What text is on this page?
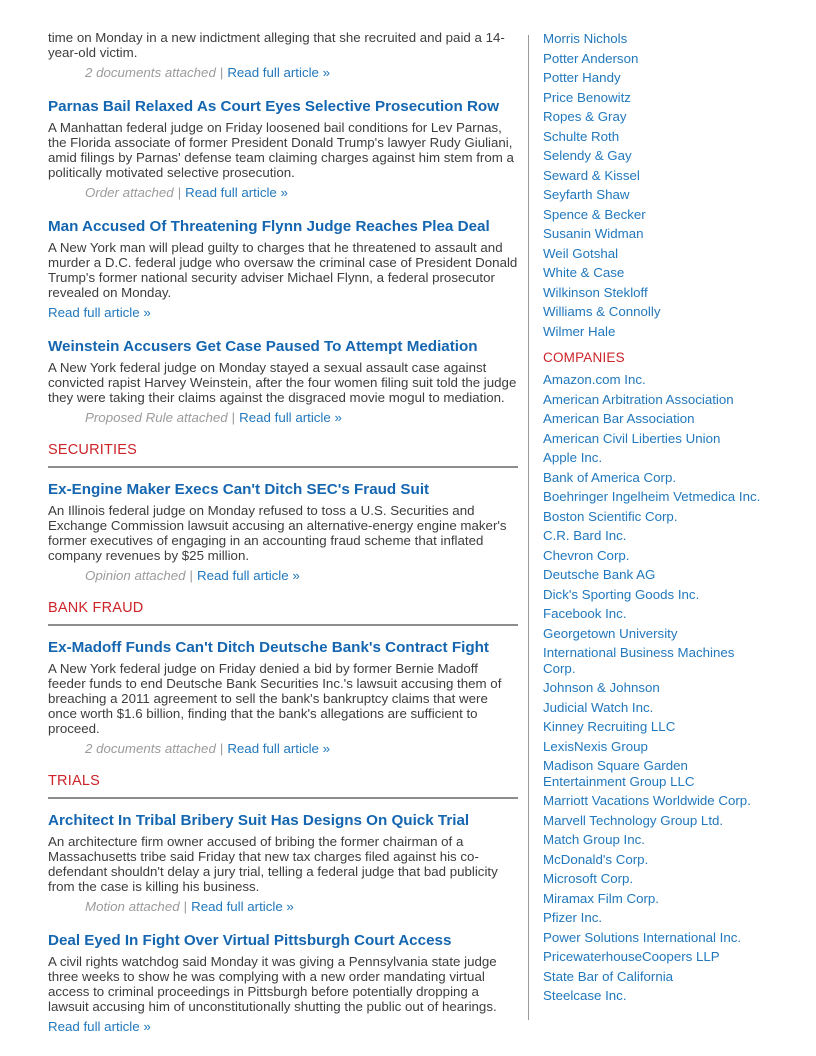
time on Monday in a new indictment alleging that she recruited and paid a 14-year-old victim.

2 documents attached | Read full article »
Parnas Bail Relaxed As Court Eyes Selective Prosecution Row

A Manhattan federal judge on Friday loosened bail conditions for Lev Parnas, the Florida associate of former President Donald Trump's lawyer Rudy Giuliani, amid filings by Parnas' defense team claiming charges against him stem from a politically motivated selective prosecution.

Order attached | Read full article »
Man Accused Of Threatening Flynn Judge Reaches Plea Deal

A New York man will plead guilty to charges that he threatened to assault and murder a D.C. federal judge who oversaw the criminal case of President Donald Trump's former national security adviser Michael Flynn, a federal prosecutor revealed on Monday.

Read full article »
Weinstein Accusers Get Case Paused To Attempt Mediation

A New York federal judge on Monday stayed a sexual assault case against convicted rapist Harvey Weinstein, after the four women filing suit told the judge they were taking their claims against the disgraced movie mogul to mediation.

Proposed Rule attached | Read full article »
SECURITIES
Ex-Engine Maker Execs Can't Ditch SEC's Fraud Suit

An Illinois federal judge on Monday refused to toss a U.S. Securities and Exchange Commission lawsuit accusing an alternative-energy engine maker's former executives of engaging in an accounting fraud scheme that inflated company revenues by $25 million.

Opinion attached | Read full article »
BANK FRAUD
Ex-Madoff Funds Can't Ditch Deutsche Bank's Contract Fight

A New York federal judge on Friday denied a bid by former Bernie Madoff feeder funds to end Deutsche Bank Securities Inc.'s lawsuit accusing them of breaching a 2011 agreement to sell the bank's bankruptcy claims that were once worth $1.6 billion, finding that the bank's allegations are sufficient to proceed.

2 documents attached | Read full article »
TRIALS
Architect In Tribal Bribery Suit Has Designs On Quick Trial

An architecture firm owner accused of bribing the former chairman of a Massachusetts tribe said Friday that new tax charges filed against his co-defendant shouldn't delay a jury trial, telling a federal judge that bad publicity from the case is killing his business.

Motion attached | Read full article »
Deal Eyed In Fight Over Virtual Pittsburgh Court Access

A civil rights watchdog said Monday it was giving a Pennsylvania state judge three weeks to show he was complying with a new order mandating virtual access to criminal proceedings in Pittsburgh before potentially dropping a lawsuit accusing him of unconstitutionally shutting the public out of hearings.

Read full article »
Morris Nichols
Potter Anderson
Potter Handy
Price Benowitz
Ropes & Gray
Schulte Roth
Selendy & Gay
Seward & Kissel
Seyfarth Shaw
Spence & Becker
Susanin Widman
Weil Gotshal
White & Case
Wilkinson Stekloff
Williams & Connolly
Wilmer Hale
COMPANIES
Amazon.com Inc.
American Arbitration Association
American Bar Association
American Civil Liberties Union
Apple Inc.
Bank of America Corp.
Boehringer Ingelheim Vetmedica Inc.
Boston Scientific Corp.
C.R. Bard Inc.
Chevron Corp.
Deutsche Bank AG
Dick's Sporting Goods Inc.
Facebook Inc.
Georgetown University
International Business Machines Corp.
Johnson & Johnson
Judicial Watch Inc.
Kinney Recruiting LLC
LexisNexis Group
Madison Square Garden Entertainment Group LLC
Marriott Vacations Worldwide Corp.
Marvell Technology Group Ltd.
Match Group Inc.
McDonald's Corp.
Microsoft Corp.
Miramax Film Corp.
Pfizer Inc.
Power Solutions International Inc.
PricewaterhouseCoopers LLP
State Bar of California
Steelcase Inc.
